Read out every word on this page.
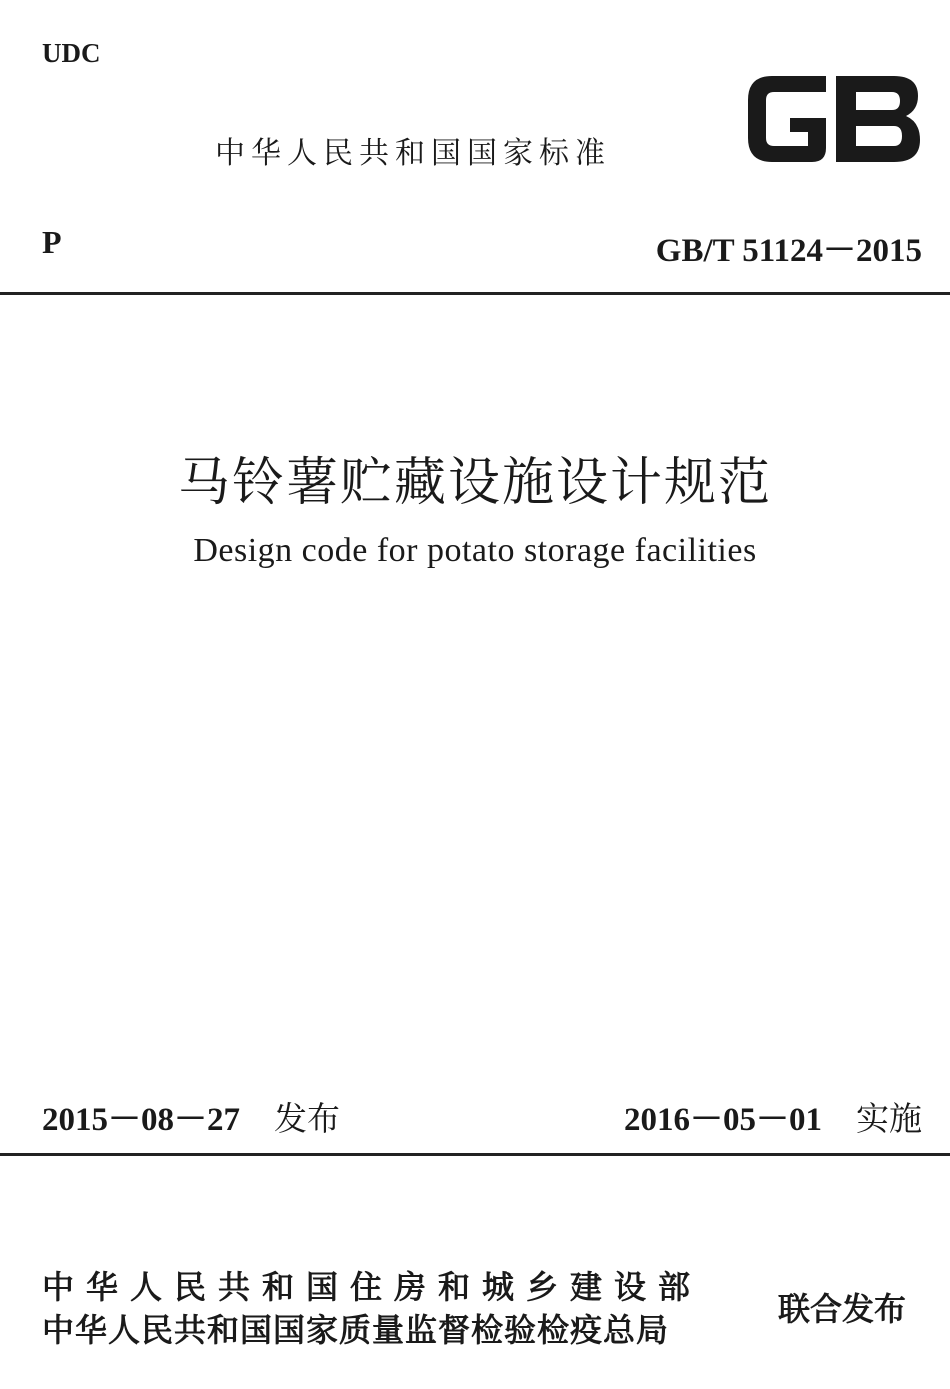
UDC
中华人民共和国国家标准
P	GB/T 51124－2015
马铃薯贮藏设施设计规范
Design code for potato storage facilities
2015－08－27 发布	2016－05－01 实施
中华人民共和国住房和城乡建设部
中华人民共和国国家质量监督检验检疫总局
联合发布
